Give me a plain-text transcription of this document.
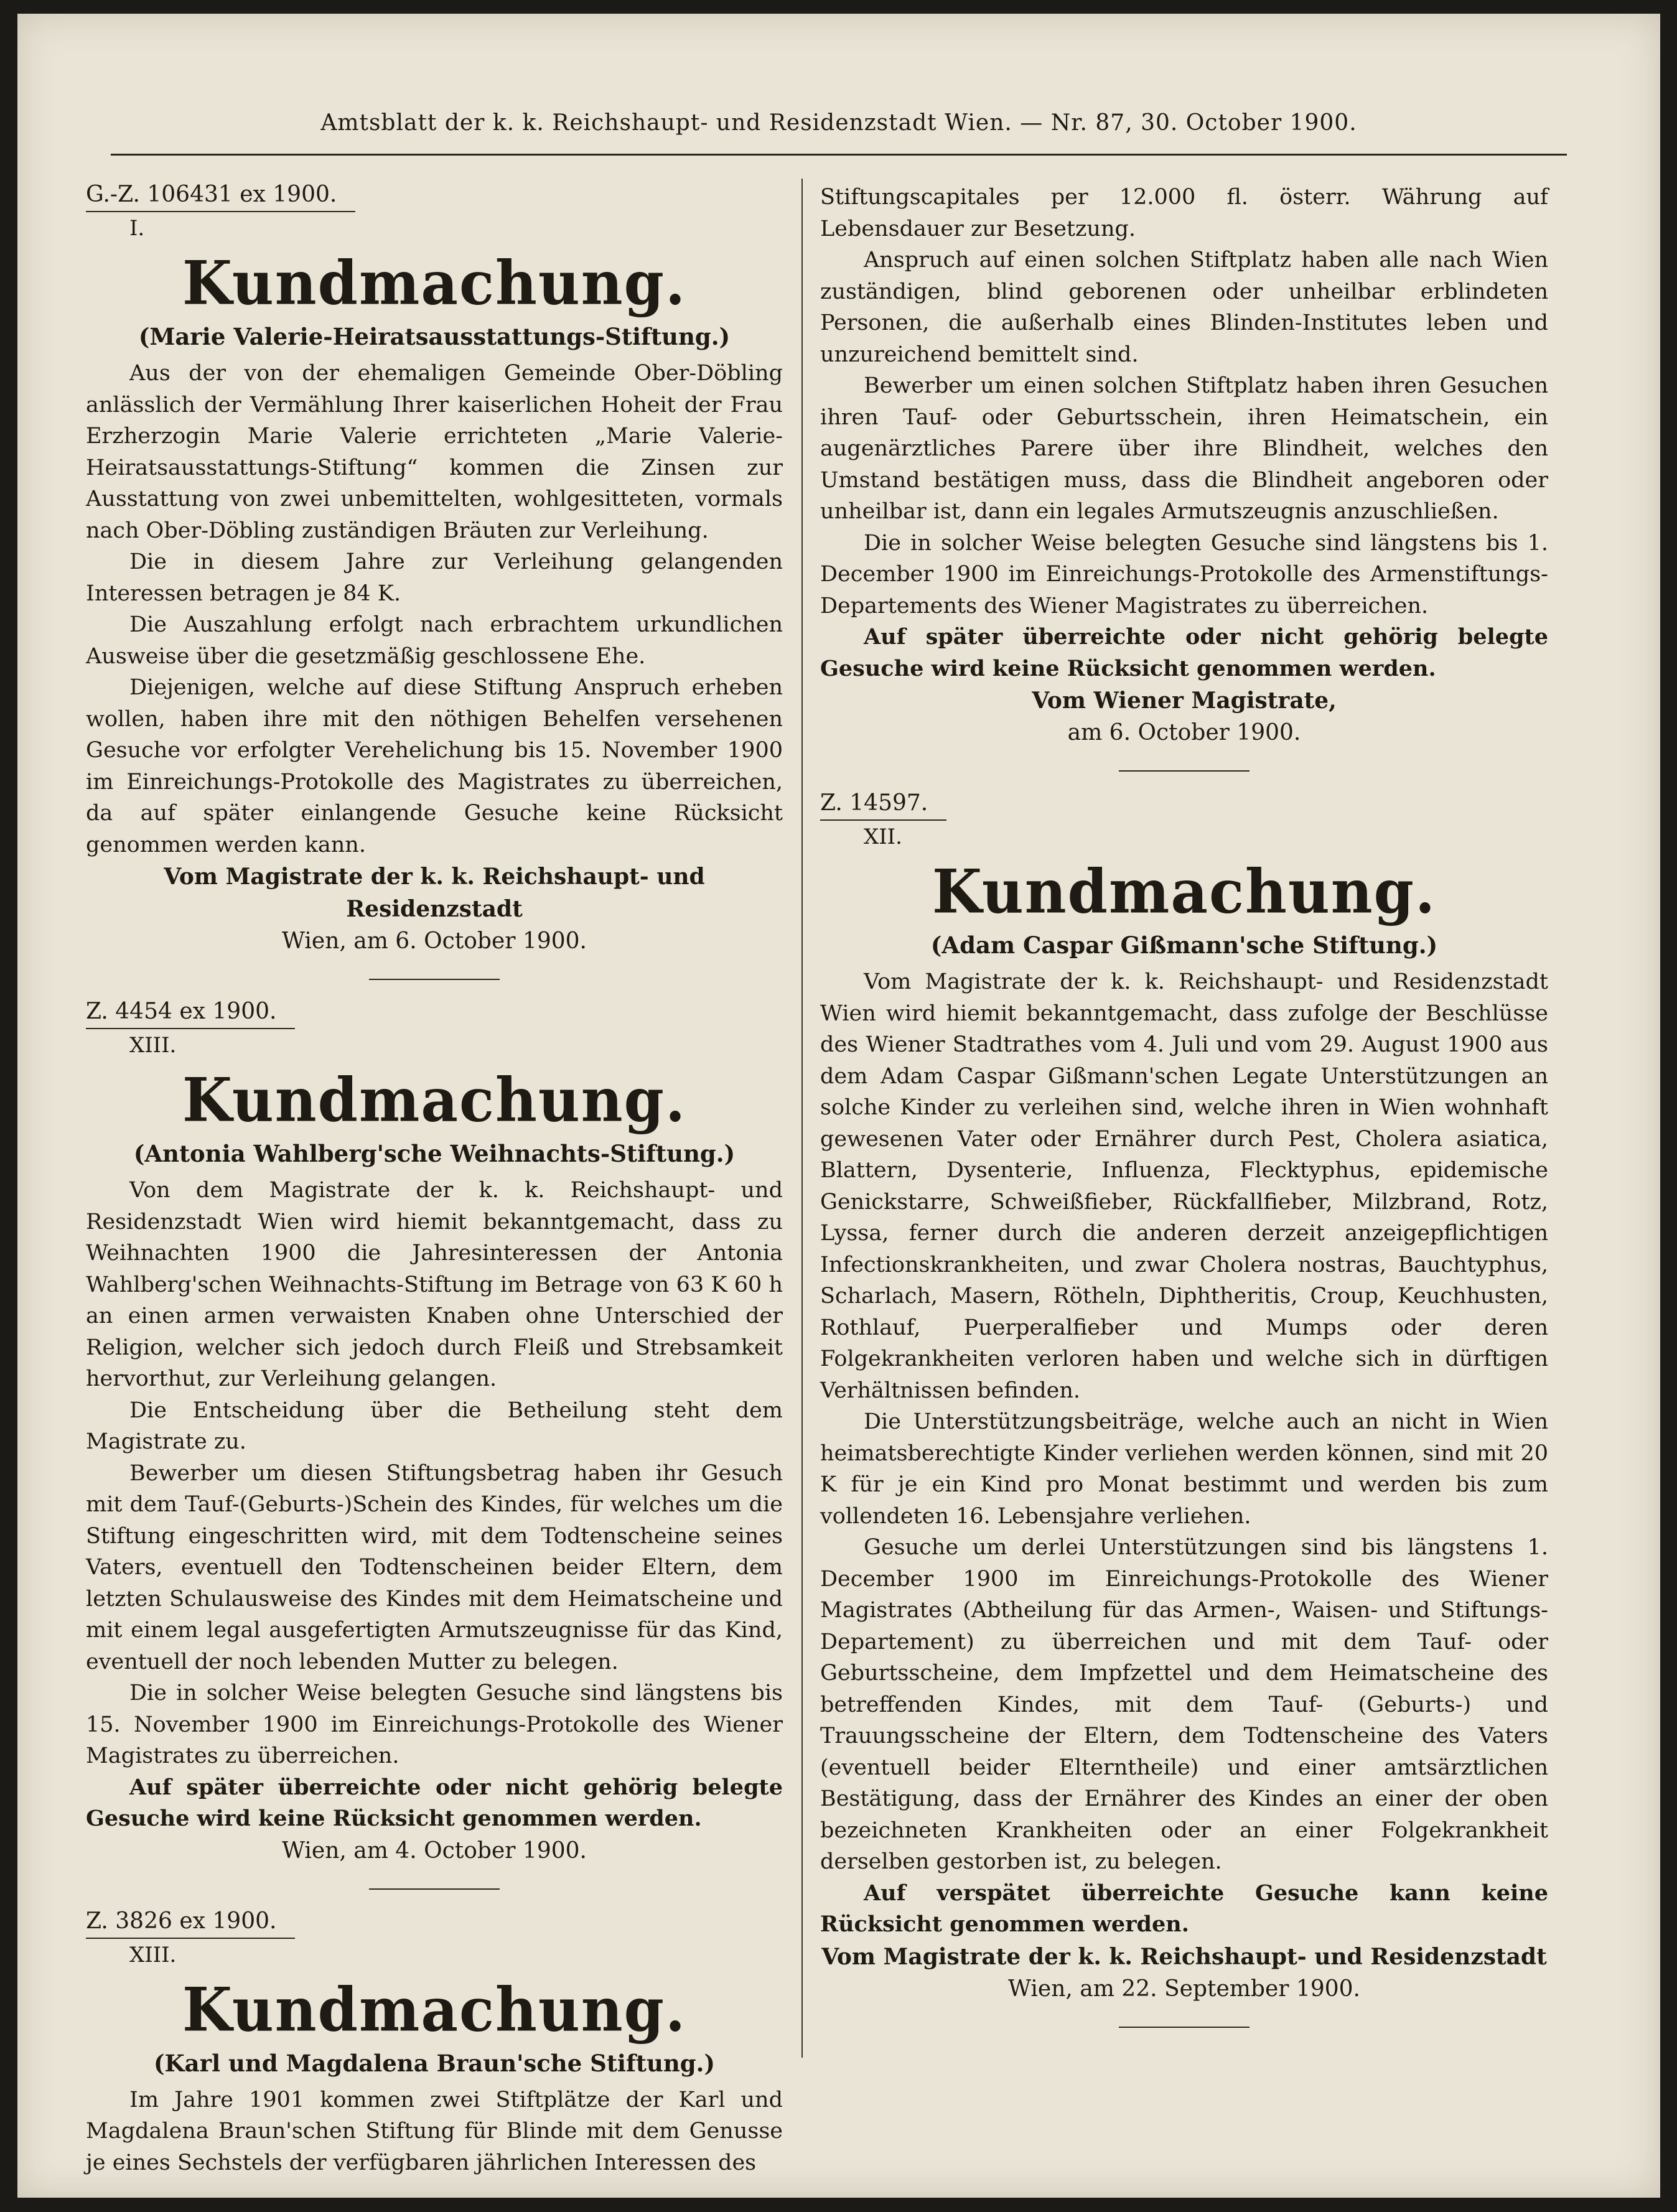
Amtsblatt der k. k. Reichshaupt- und Residenzstadt Wien. — Nr. 87, 30. October 1900.
G.-Z. 106431 ex 1900.
I.
Kundmachung.
(Marie Valerie-Heiratsausstattungs-Stiftung.)

Aus der von der ehemaligen Gemeinde Ober-Döbling anlässlich der Vermählung Ihrer kaiserlichen Hoheit der Frau Erzherzogin Marie Valerie errichteten „Marie Valerie-Heiratsausstattungs-Stiftung“ kommen die Zinsen zur Ausstattung von zwei unbemittelten, wohlgesitteten, vormals nach Ober-Döbling zuständigen Bräuten zur Verleihung.

Die in diesem Jahre zur Verleihung gelangenden Interessen betragen je 84 K.

Die Auszahlung erfolgt nach erbrachtem urkundlichen Ausweise über die gesetzmäßig geschlossene Ehe.

Diejenigen, welche auf diese Stiftung Anspruch erheben wollen, haben ihre mit den nöthigen Behelfen versehenen Gesuche vor erfolgter Verehelichung bis 15. November 1900 im Einreichungs-Protokolle des Magistrates zu überreichen, da auf später einlangende Gesuche keine Rücksicht genommen werden kann.

Vom Magistrate der k. k. Reichshaupt- und Residenzstadt
Wien, am 6. October 1900.
Z. 4454 ex 1900.
XIII.
Kundmachung.
(Antonia Wahlberg'sche Weihnachts-Stiftung.)

Von dem Magistrate der k. k. Reichshaupt- und Residenzstadt Wien wird hiemit bekanntgemacht, dass zu Weihnachten 1900 die Jahresinteressen der Antonia Wahlberg'schen Weihnachts-Stiftung im Betrage von 63 K 60 h an einen armen verwaisten Knaben ohne Unterschied der Religion, welcher sich jedoch durch Fleiß und Strebsamkeit hervorthut, zur Verleihung gelangen.

Die Entscheidung über die Betheilung steht dem Magistrate zu.

Bewerber um diesen Stiftungsbetrag haben ihr Gesuch mit dem Tauf-(Geburts-)Schein des Kindes, für welches um die Stiftung eingeschritten wird, mit dem Todtenscheine seines Vaters, eventuell den Todtenscheinen beider Eltern, dem letzten Schulausweise des Kindes mit dem Heimatscheine und mit einem legal ausgefertigten Armutszeugnisse für das Kind, eventuell der noch lebenden Mutter zu belegen.

Die in solcher Weise belegten Gesuche sind längstens bis 15. November 1900 im Einreichungs-Protokolle des Wiener Magistrates zu überreichen.

Auf später überreichte oder nicht gehörig belegte Gesuche wird keine Rücksicht genommen werden.

Wien, am 4. October 1900.
Z. 3826 ex 1900.
XIII.
Kundmachung.
(Karl und Magdalena Braun'sche Stiftung.)

Im Jahre 1901 kommen zwei Stiftplätze der Karl und Magdalena Braun'schen Stiftung für Blinde mit dem Genusse je eines Sechstels der verfügbaren jährlichen Interessen des

Stiftungscapitales per 12.000 fl. österr. Währung auf Lebensdauer zur Besetzung.

Anspruch auf einen solchen Stiftplatz haben alle nach Wien zuständigen, blind geborenen oder unheilbar erblindeten Personen, die außerhalb eines Blinden-Institutes leben und unzureichend bemittelt sind.

Bewerber um einen solchen Stiftplatz haben ihren Gesuchen ihren Tauf- oder Geburtsschein, ihren Heimatschein, ein augenärztliches Parere über ihre Blindheit, welches den Umstand bestätigen muss, dass die Blindheit angeboren oder unheilbar ist, dann ein legales Armutszeugnis anzuschließen.

Die in solcher Weise belegten Gesuche sind längstens bis 1. December 1900 im Einreichungs-Protokolle des Armenstiftungs-Departements des Wiener Magistrates zu überreichen.

Auf später überreichte oder nicht gehörig belegte Gesuche wird keine Rücksicht genommen werden.

Vom Wiener Magistrate,
am 6. October 1900.
Z. 14597.
XII.
Kundmachung.
(Adam Caspar Gißmann'sche Stiftung.)

Vom Magistrate der k. k. Reichshaupt- und Residenzstadt Wien wird hiemit bekanntgemacht, dass zufolge der Beschlüsse des Wiener Stadtrathes vom 4. Juli und vom 29. August 1900 aus dem Adam Caspar Gißmann'schen Legate Unterstützungen an solche Kinder zu verleihen sind, welche ihren in Wien wohnhaft gewesenen Vater oder Ernährer durch Pest, Cholera asiatica, Blattern, Dysenterie, Influenza, Flecktyphus, epidemische Genickstarre, Schweißfieber, Rückfallfieber, Milzbrand, Rotz, Lyssa, ferner durch die anderen derzeit anzeigepflichtigen Infectionskrankheiten, und zwar Cholera nostras, Bauchtyphus, Scharlach, Masern, Rötheln, Diphtheritis, Croup, Keuchhusten, Rothlauf, Puerperalfieber und Mumps oder deren Folgekrankheiten verloren haben und welche sich in dürftigen Verhältnissen befinden.

Die Unterstützungsbeiträge, welche auch an nicht in Wien heimatsberechtigte Kinder verliehen werden können, sind mit 20 K für je ein Kind pro Monat bestimmt und werden bis zum vollendeten 16. Lebensjahre verliehen.

Gesuche um derlei Unterstützungen sind bis längstens 1. December 1900 im Einreichungs-Protokolle des Wiener Magistrates (Abtheilung für das Armen-, Waisen- und Stiftungs-Departement) zu überreichen und mit dem Tauf- oder Geburtsscheine, dem Impfzettel und dem Heimatscheine des betreffenden Kindes, mit dem Tauf- (Geburts-) und Trauungsscheine der Eltern, dem Todtenscheine des Vaters (eventuell beider Elterntheile) und einer amtsärztlichen Bestätigung, dass der Ernährer des Kindes an einer der oben bezeichneten Krankheiten oder an einer Folgekrankheit derselben gestorben ist, zu belegen.

Auf verspätet überreichte Gesuche kann keine Rücksicht genommen werden.

Vom Magistrate der k. k. Reichshaupt- und Residenzstadt
Wien, am 22. September 1900.
